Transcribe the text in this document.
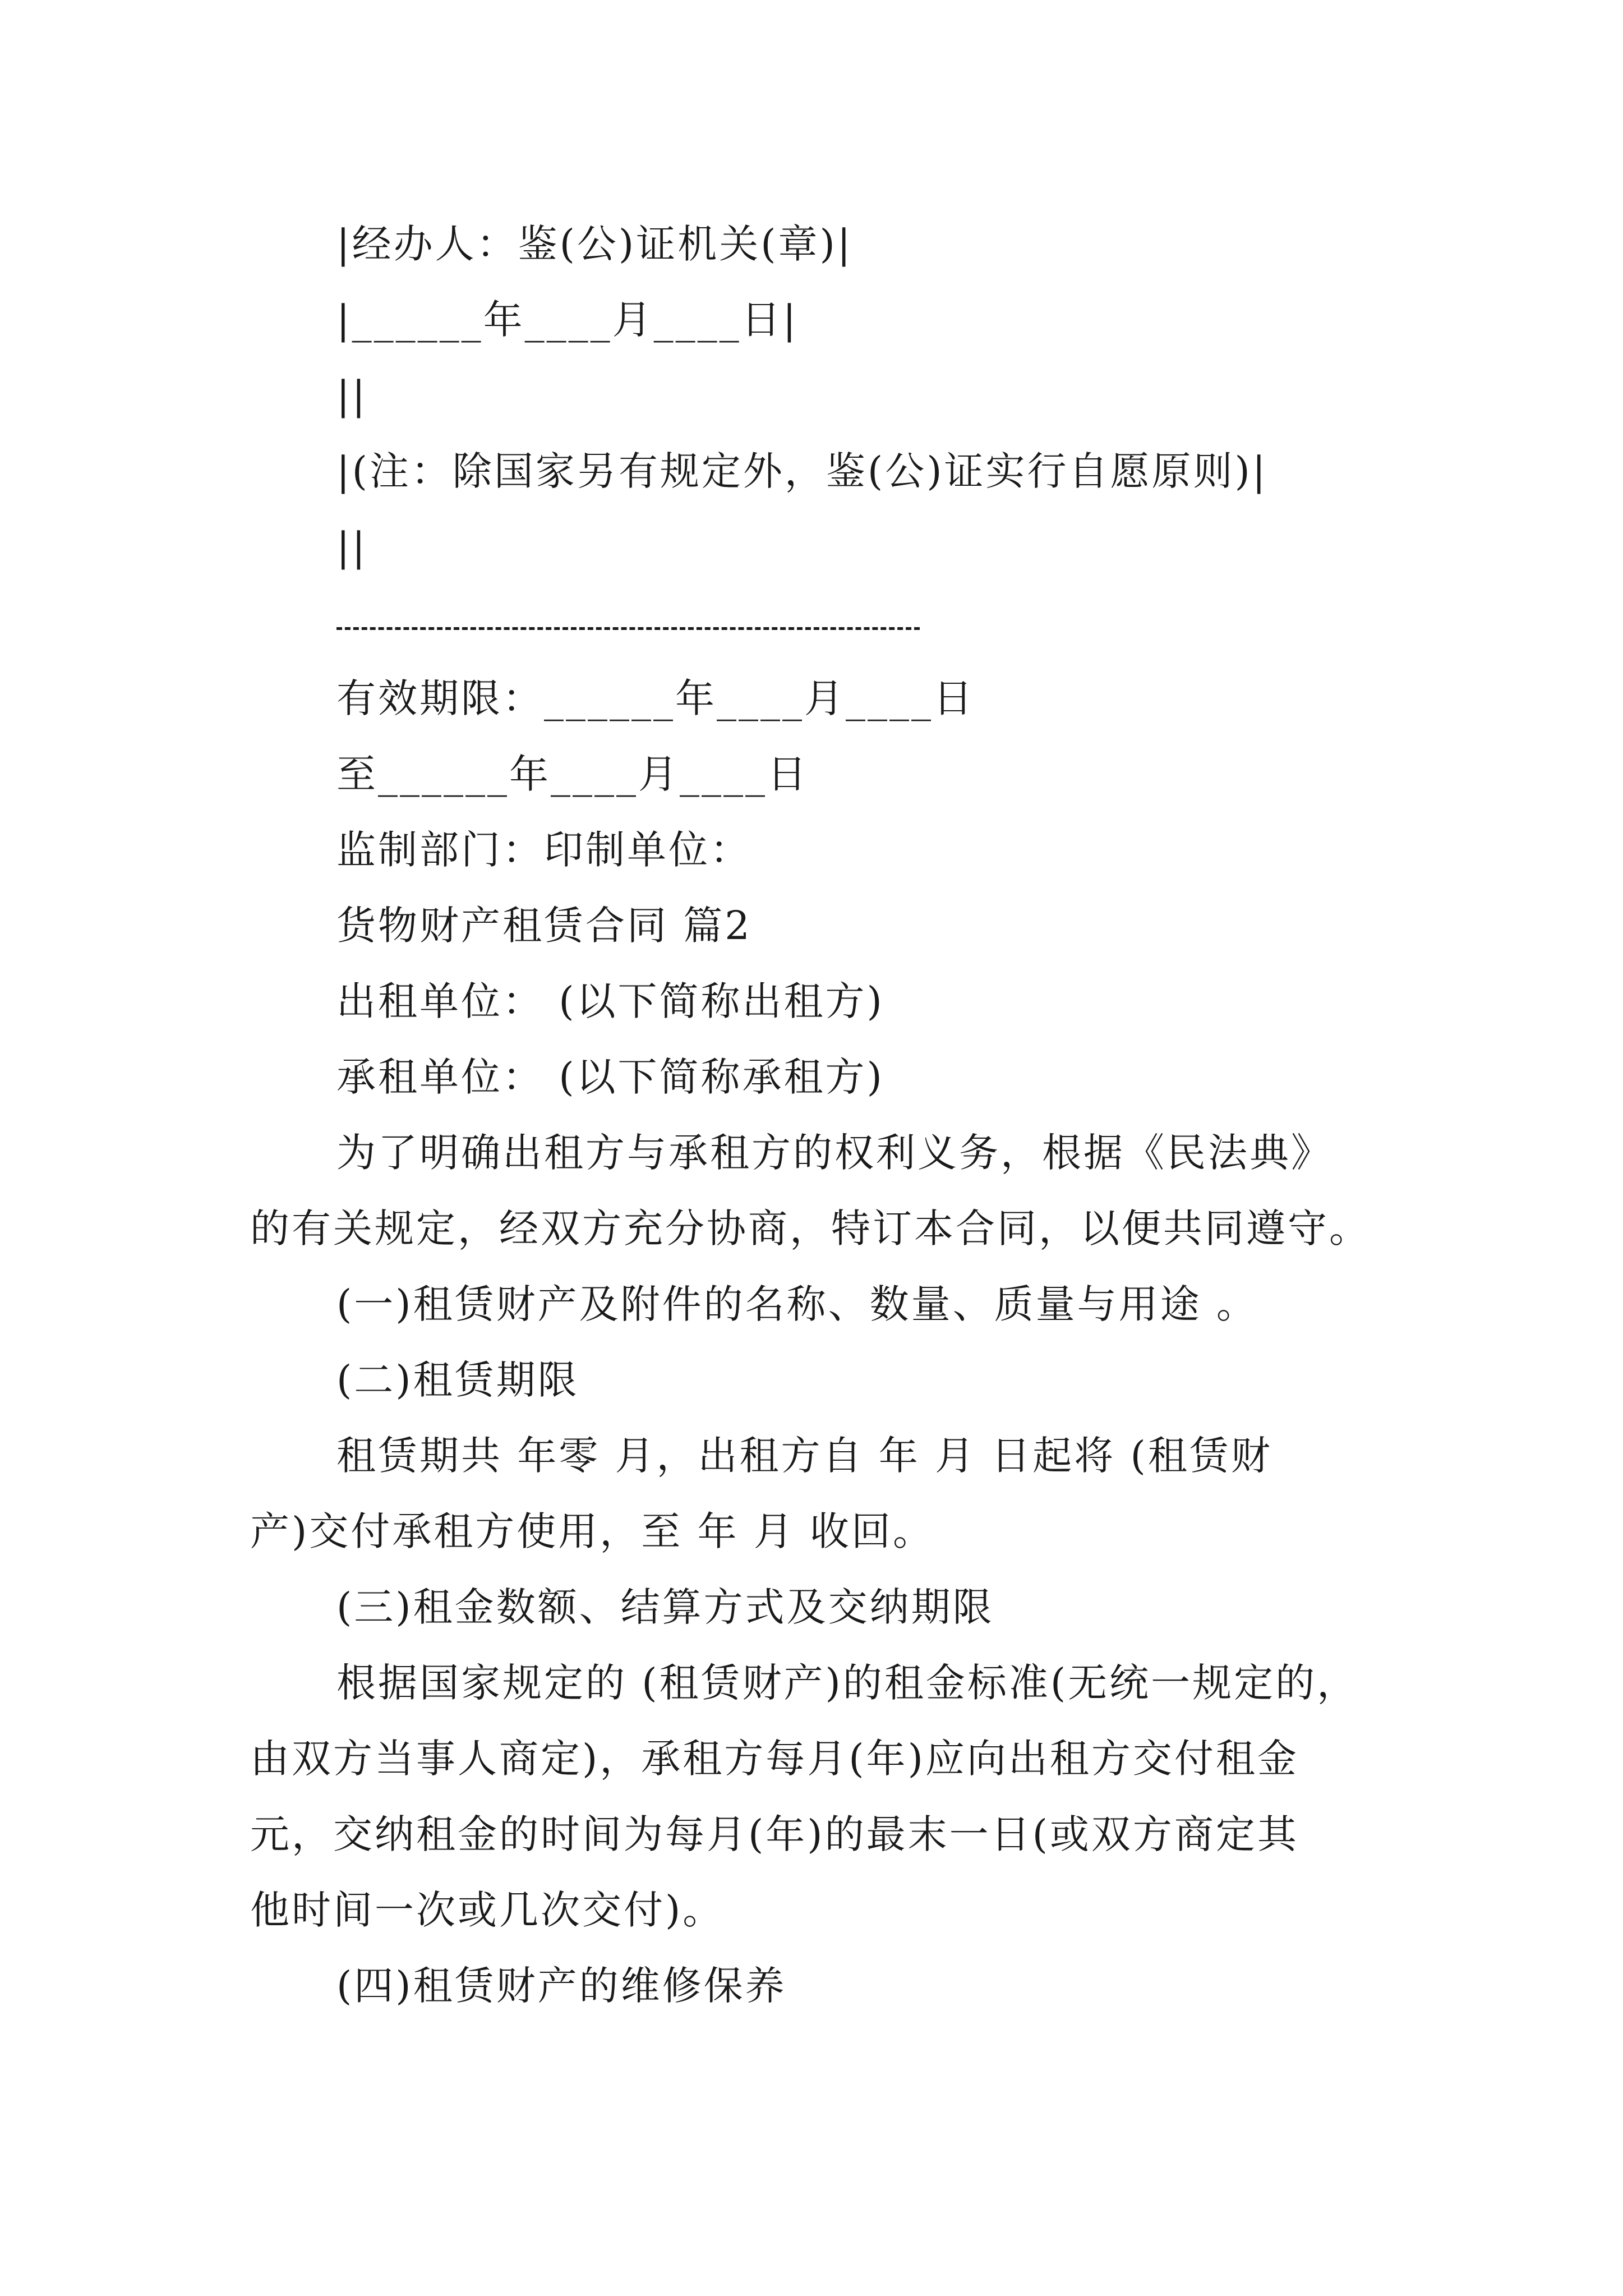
|经办人：鉴(公)证机关(章)|
|______年____月____日|
||
|(注：除国家另有规定外，鉴(公)证实行自愿原则)|
||
有效期限：______年____月____日
至______年____月____日
监制部门：印制单位：
货物财产租赁合同 篇2
出租单位： (以下简称出租方)
承租单位： (以下简称承租方)
为了明确出租方与承租方的权利义务，根据《民法典》
的有关规定，经双方充分协商，特订本合同，以便共同遵守。
(一)租赁财产及附件的名称、数量、质量与用途 。
(二)租赁期限
租赁期共 年零 月，出租方自 年 月 日起将 (租赁财
产)交付承租方使用，至 年 月 收回。
(三)租金数额、结算方式及交纳期限
根据国家规定的 (租赁财产)的租金标准(无统一规定的，
由双方当事人商定)，承租方每月(年)应向出租方交付租金
元，交纳租金的时间为每月(年)的最末一日(或双方商定其
他时间一次或几次交付)。
(四)租赁财产的维修保养
